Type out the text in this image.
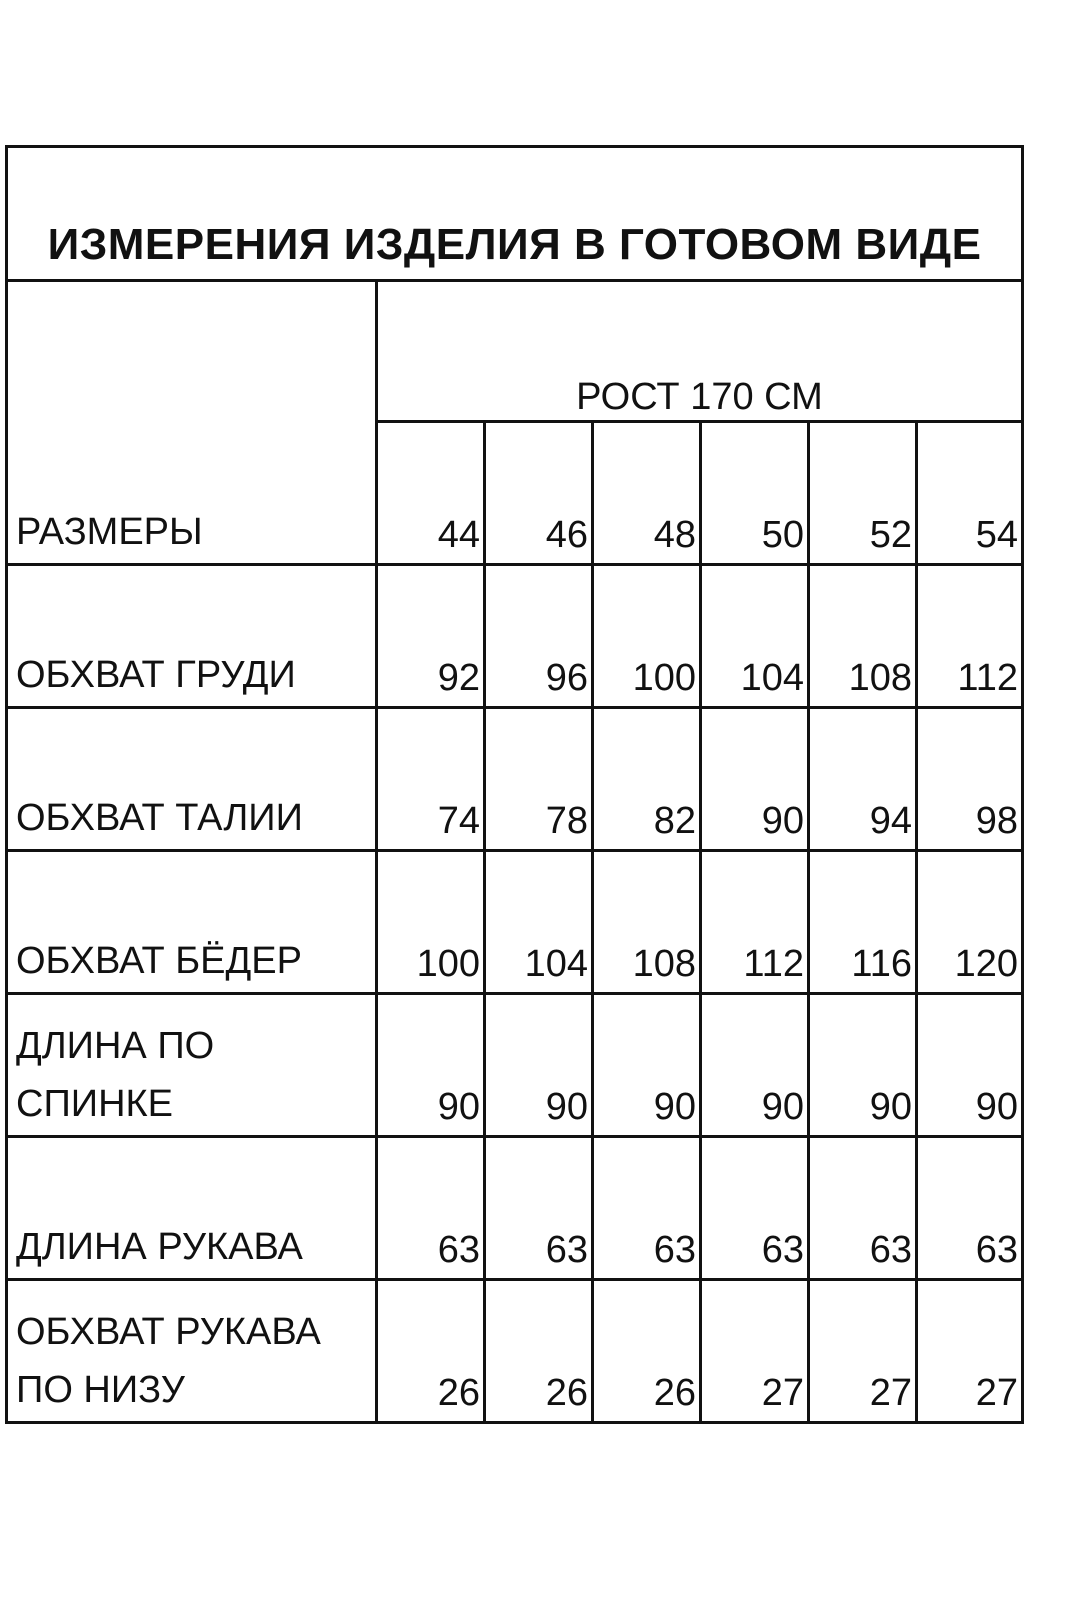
ИЗМЕРЕНИЯ ИЗДЕЛИЯ В ГОТОВОМ ВИДЕ
РОСТ 170 СМ
РАЗМЕРЫ	44	46	48	50	52	54
ОБХВАТ ГРУДИ	92	96	100	104	108	112
ОБХВАТ ТАЛИИ	74	78	82	90	94	98
ОБХВАТ БЁДЕР	100	104	108	112	116	120
ДЛИНА ПО
СПИНКЕ	90	90	90	90	90	90
ДЛИНА РУКАВА	63	63	63	63	63	63
ОБХВАТ РУКАВА
ПО НИЗУ	26	26	26	27	27	27
